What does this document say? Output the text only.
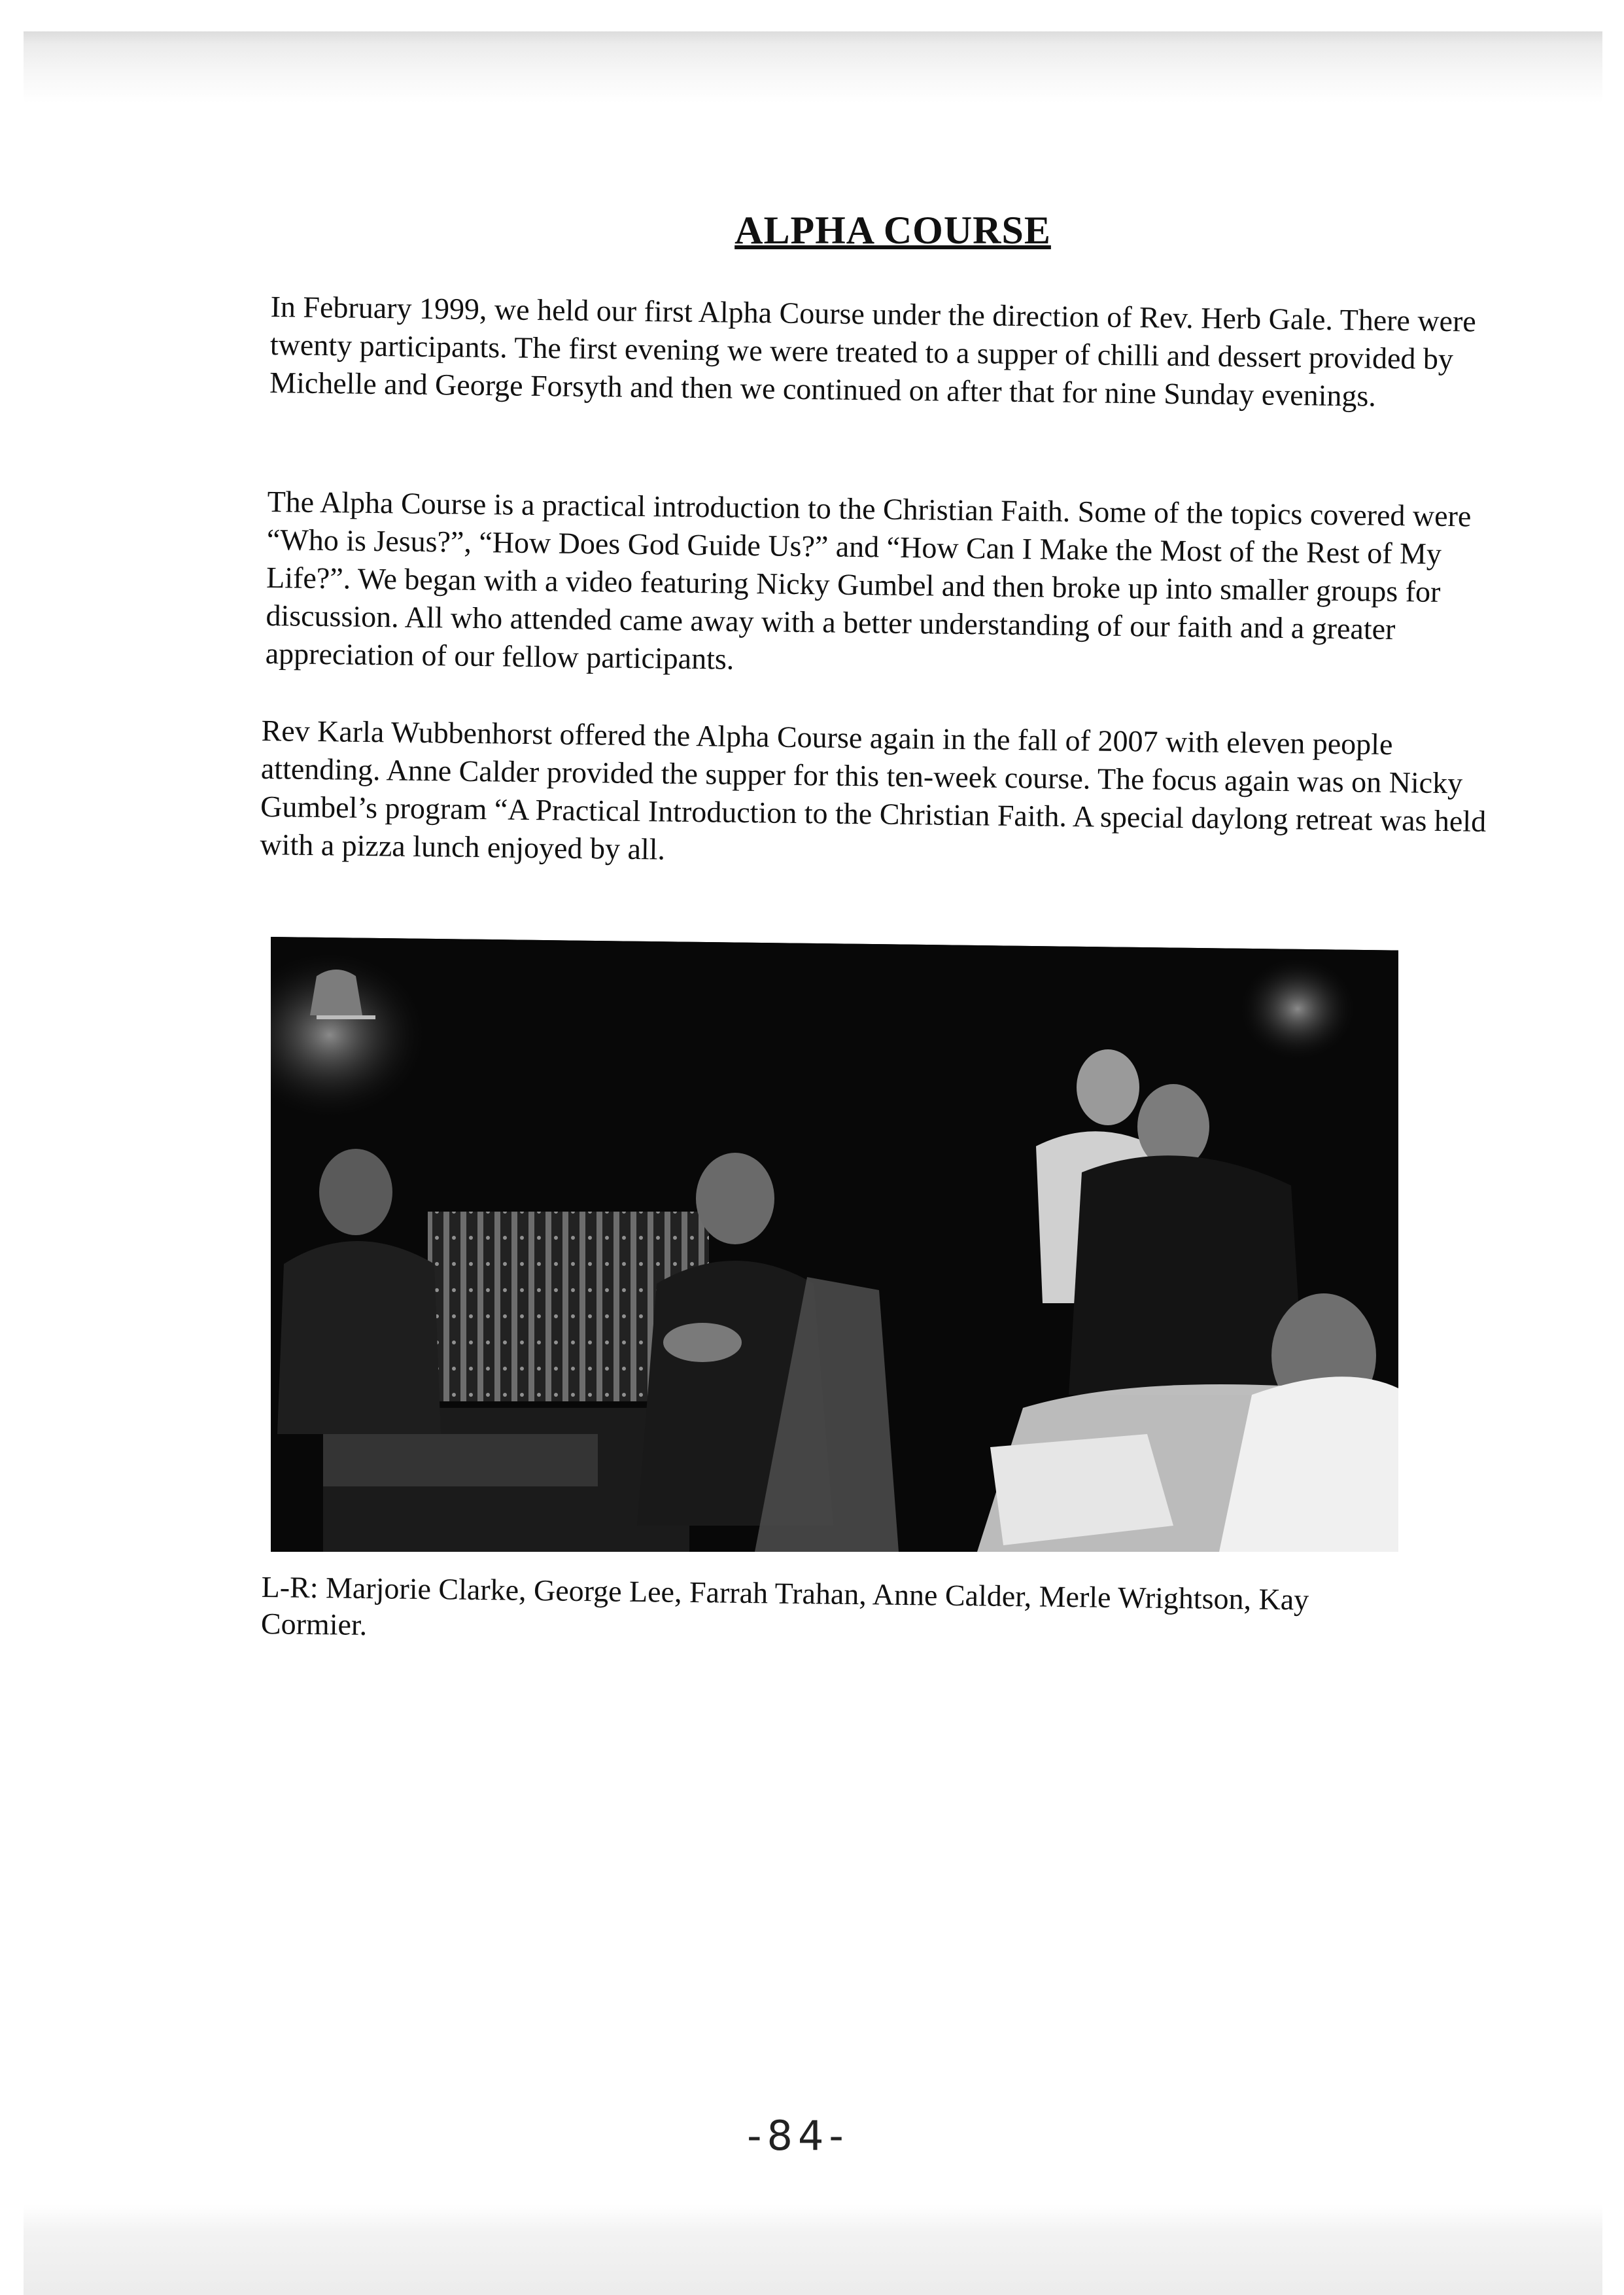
ALPHA COURSE

In February 1999, we held our first Alpha Course under the direction of Rev. Herb Gale. There were twenty participants. The first evening we were treated to a supper of chilli and dessert provided by Michelle and George Forsyth and then we continued on after that for nine Sunday evenings.

The Alpha Course is a practical introduction to the Christian Faith. Some of the topics covered were “Who is Jesus?”, “How Does God Guide Us?” and “How Can I Make the Most of the Rest of My Life?”. We began with a video featuring Nicky Gumbel and then broke up into smaller groups for discussion. All who attended came away with a better understanding of our faith and a greater appreciation of our fellow participants.

Rev Karla Wubbenhorst offered the Alpha Course again in the fall of 2007 with eleven people attending. Anne Calder provided the supper for this ten-week course. The focus again was on Nicky Gumbel’s program “A Practical Introduction to the Christian Faith. A special daylong retreat was held with a pizza lunch enjoyed by all.

L-R: Marjorie Clarke, George Lee, Farrah Trahan, Anne Calder, Merle Wrightson, Kay Cormier.

-84-
